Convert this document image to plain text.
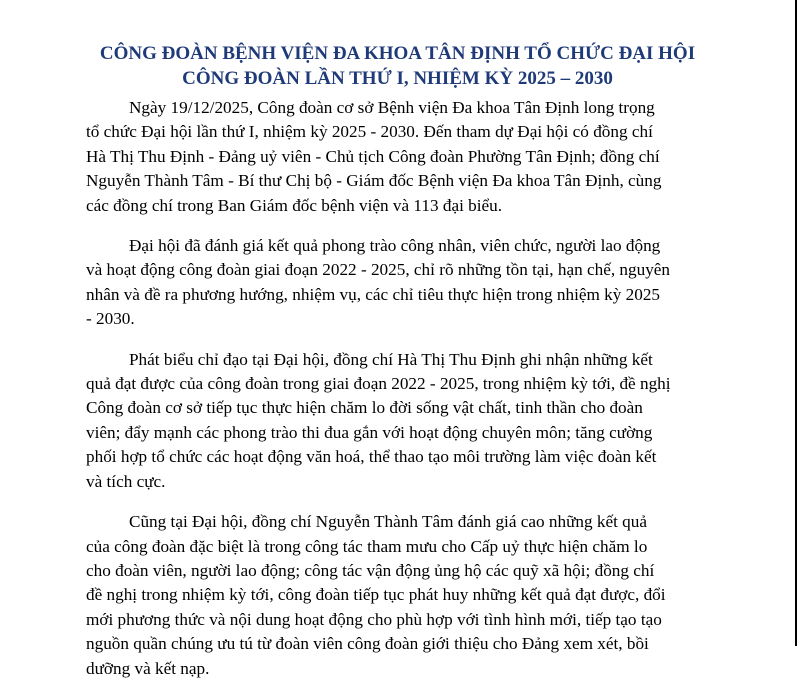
CÔNG ĐOÀN BỆNH VIỆN ĐA KHOA TÂN ĐỊNH TỔ CHỨC ĐẠI HỘI
CÔNG ĐOÀN LẦN THỨ I, NHIỆM KỲ 2025 – 2030

Ngày 19/12/2025, Công đoàn cơ sở Bệnh viện Đa khoa Tân Định long trọng
tổ chức Đại hội lần thứ I, nhiệm kỳ 2025 - 2030. Đến tham dự Đại hội có đồng chí
Hà Thị Thu Định - Đảng uỷ viên - Chủ tịch Công đoàn Phường Tân Định; đồng chí
Nguyễn Thành Tâm - Bí thư Chị bộ - Giám đốc Bệnh viện Đa khoa Tân Định, cùng
các đồng chí trong Ban Giám đốc bệnh viện và 113 đại biểu.

Đại hội đã đánh giá kết quả phong trào công nhân, viên chức, người lao động
và hoạt động công đoàn giai đoạn 2022 - 2025, chỉ rõ những tồn tại, hạn chế, nguyên
nhân và đề ra phương hướng, nhiệm vụ, các chỉ tiêu thực hiện trong nhiệm kỳ 2025
- 2030.

Phát biểu chỉ đạo tại Đại hội, đồng chí Hà Thị Thu Định ghi nhận những kết
quả đạt được của công đoàn trong giai đoạn 2022 - 2025, trong nhiệm kỳ tới, đề nghị
Công đoàn cơ sở tiếp tục thực hiện chăm lo đời sống vật chất, tinh thần cho đoàn
viên; đẩy mạnh các phong trào thi đua gắn với hoạt động chuyên môn; tăng cường
phối hợp tổ chức các hoạt động văn hoá, thể thao tạo môi trường làm việc đoàn kết
và tích cực.

Cũng tại Đại hội, đồng chí Nguyễn Thành Tâm đánh giá cao những kết quả
của công đoàn đặc biệt là trong công tác tham mưu cho Cấp uỷ thực hiện chăm lo
cho đoàn viên, người lao động; công tác vận động ủng hộ các quỹ xã hội; đồng chí
đề nghị trong nhiệm kỳ tới, công đoàn tiếp tục phát huy những kết quả đạt được, đổi
mới phương thức và nội dung hoạt động cho phù hợp với tình hình mới, tiếp tạo tạo
nguồn quần chúng ưu tú từ đoàn viên công đoàn giới thiệu cho Đảng xem xét, bồi
dưỡng và kết nạp.
